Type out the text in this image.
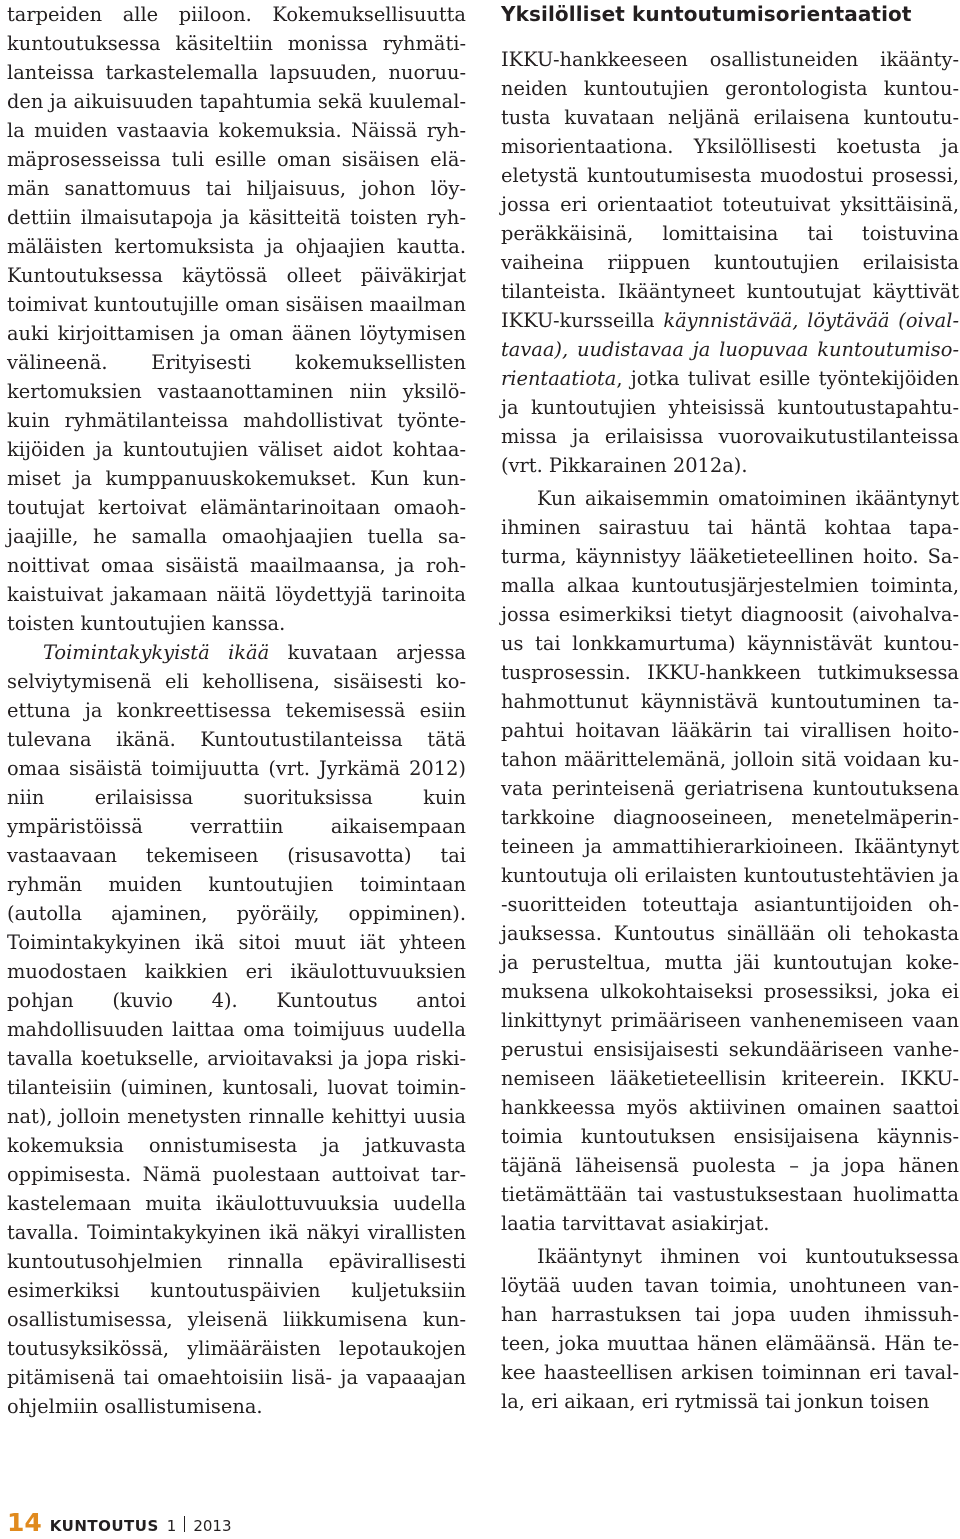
tarpeiden alle piiloon. Kokemuksellisuutta kuntoutuksessa käsiteltiin monissa ryhmätilanteissa tarkastelemalla lapsuuden, nuoruuden ja aikuisuuden tapahtumia sekä kuulemalla muiden vastaavia kokemuksia. Näissä ryhmäprosesseissa tuli esille oman sisäisen elämän sanattomuus tai hiljaisuus, johon löydettiin ilmaisutapoja ja käsitteitä toisten ryhmäläisten kertomuksista ja ohjaajien kautta. Kuntoutuksessa käytössä olleet päiväkirjat toimivat kuntoutujille oman sisäisen maailman auki kirjoittamisen ja oman äänen löytymisen välineenä. Erityisesti kokemuksellisten kertomuksien vastaanottaminen niin yksilökuin ryhmätilanteissa mahdollistivat työntekijöiden ja kuntoutujien väliset aidot kohtaamiset ja kumppanuuskokemukset. Kun kuntoutujat kertoivat elämäntarinoitaan omaohjaajille, he samalla omaohjaajien tuella sanoittivat omaa sisäistä maailmaansa, ja rohkaistuivat jakamaan näitä löydettyjä tarinoita toisten kuntoutujien kanssa.

Toimintakykyistä ikää kuvataan arjessa selviytymisenä eli kehollisena, sisäisesti koettuna ja konkreettisessa tekemisessä esiin tulevana ikänä. Kuntoutustilanteissa tätä omaa sisäistä toimijuutta (vrt. Jyrkämä 2012) niin erilaisissa suorituksissa kuin ympäristöissä verrattiin aikaisempaan vastaavaan tekemiseen (risusavotta) tai ryhmän muiden kuntoutujien toimintaan (autolla ajaminen, pyöräily, oppiminen). Toimintakykyinen ikä sitoi muut iät yhteen muodostaen kaikkien eri ikäulottuvuuksien pohjan (kuvio 4). Kuntoutus antoi mahdollisuuden laittaa oma toimijuus uudella tavalla koetukselle, arvioitavaksi ja jopa riskitilanteisiin (uiminen, kuntosali, luovat toiminnat), jolloin menetysten rinnalle kehittyi uusia kokemuksia onnistumisesta ja jatkuvasta oppimisesta. Nämä puolestaan auttoivat tarkastelemaan muita ikäulottuvuuksia uudella tavalla. Toimintakykyinen ikä näkyi virallisten kuntoutusohjelmien rinnalla epävirallisesti esimerkiksi kuntoutuspäivien kuljetuksiin osallistumisessa, yleisenä liikkumisena kuntoutusyksikössä, ylimääräisten lepotaukojen pitämisenä tai omaehtoisiin lisä- ja vapaaajan ohjelmiin osallistumisena.

Yksilölliset kuntoutumisorientaatiot

IKKU-hankkeeseen osallistuneiden ikääntyneiden kuntoutujien gerontologista kuntoutusta kuvataan neljänä erilaisena kuntoutumisorientaationa. Yksilöllisesti koetusta ja eletystä kuntoutumisesta muodostui prosessi, jossa eri orientaatiot toteutuivat yksittäisinä, peräkkäisinä, lomittaisina tai toistuvina vaiheina riippuen kuntoutujien erilaisista tilanteista. Ikääntyneet kuntoutujat käyttivät IKKU-kursseilla käynnistävää, löytävää (oivaltavaa), uudistavaa ja luopuvaa kuntoutumisorientaatiota, jotka tulivat esille työntekijöiden ja kuntoutujien yhteisissä kuntoutustapahtumissa ja erilaisissa vuorovaikutustilanteissa (vrt. Pikkarainen 2012a).

Kun aikaisemmin omatoiminen ikääntynyt ihminen sairastuu tai häntä kohtaa tapaturma, käynnistyy lääketieteellinen hoito. Samalla alkaa kuntoutusjärjestelmien toiminta, jossa esimerkiksi tietyt diagnoosit (aivohalvaus tai lonkkamurtuma) käynnistävät kuntoutusprosessin. IKKU-hankkeen tutkimuksessa hahmottunut käynnistävä kuntoutuminen tapahtui hoitavan lääkärin tai virallisen hoitotahon määrittelemänä, jolloin sitä voidaan kuvata perinteisenä geriatrisena kuntoutuksena tarkkoine diagnooseineen, menetelmäperinteineen ja ammattihierarkioineen. Ikääntynyt kuntoutuja oli erilaisten kuntoutustehtävien ja -suoritteiden toteuttaja asiantuntijoiden ohjauksessa. Kuntoutus sinällään oli tehokasta ja perusteltua, mutta jäi kuntoutujan kokemuksena ulkokohtaiseksi prosessiksi, joka ei linkittynyt primääriseen vanhenemiseen vaan perustui ensisijaisesti sekundääriseen vanhenemiseen lääketieteellisin kriteerein. IKKU-hankkeessa myös aktiivinen omainen saattoi toimia kuntoutuksen ensisijaisena käynnistäjänä läheisensä puolesta – ja jopa hänen tietämättään tai vastustuksestaan huolimatta laatia tarvittavat asiakirjat.

Ikääntynyt ihminen voi kuntoutuksessa löytää uuden tavan toimia, unohtuneen vanhan harrastuksen tai jopa uuden ihmissuhteen, joka muuttaa hänen elämäänsä. Hän tekee haasteellisen arkisen toiminnan eri tavalla, eri aikaan, eri rytmissä tai jonkun toisen

14 KUNTOUTUS 1 2013
